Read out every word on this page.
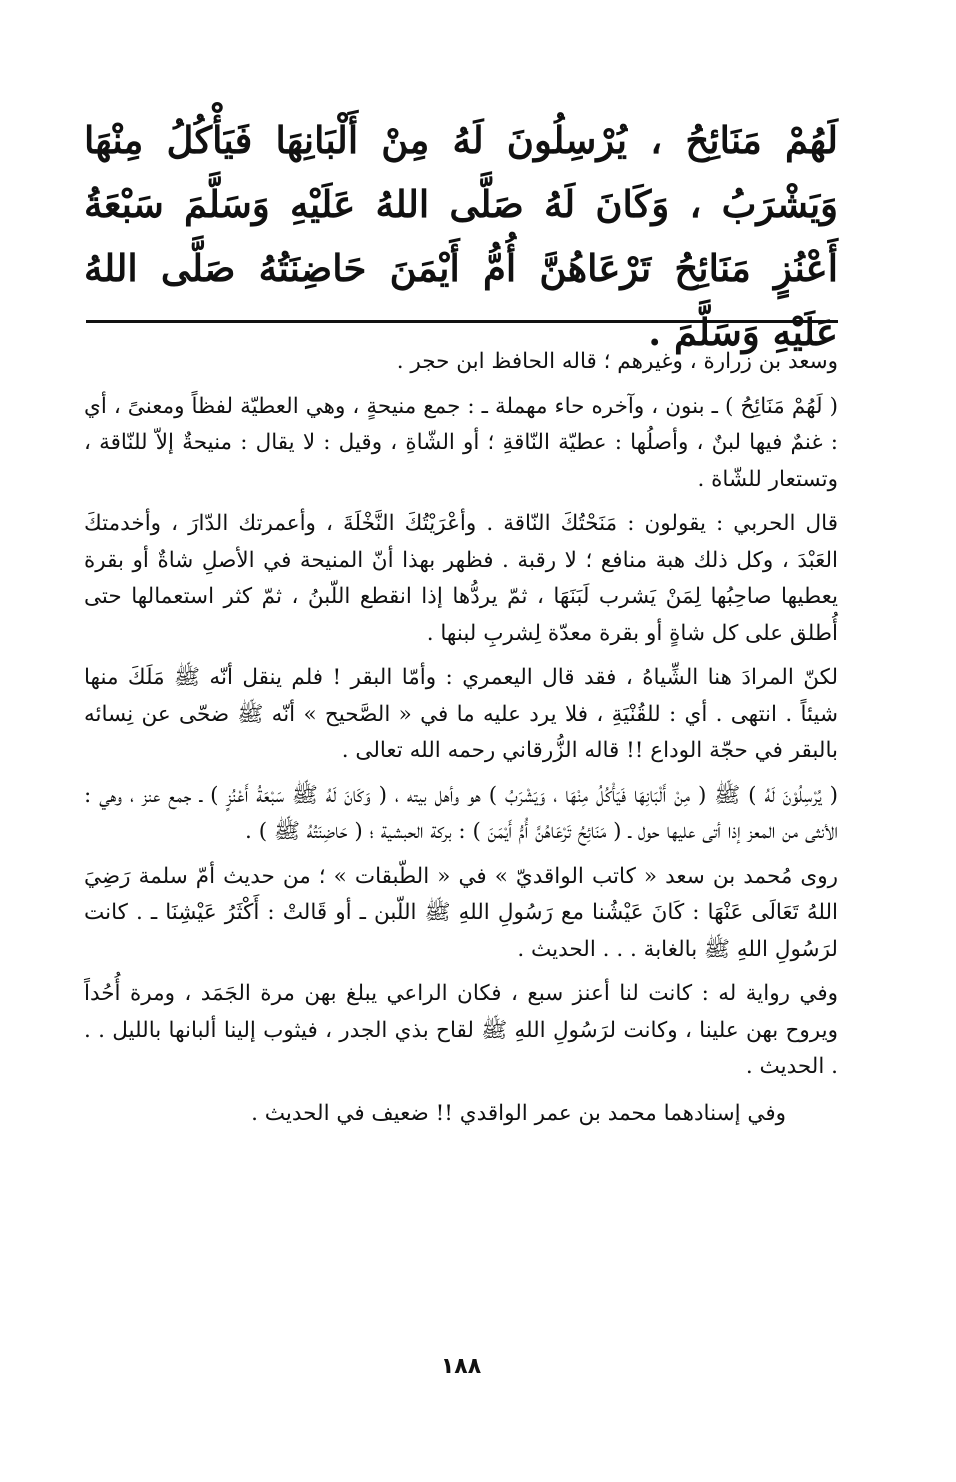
لَهُمْ مَنَائِحُ ، يُرْسِلُونَ لَهُ مِنْ أَلْبَانِهَا فَيَأْكُلُ مِنْهَا وَيَشْرَبُ ، وَكَانَ لَهُ صَلَّى اللهُ عَلَيْهِ وَسَلَّمَ سَبْعَةُ أَعْنُزٍ مَنَائِحُ تَرْعَاهُنَّ أُمُّ أَيْمَنَ حَاضِنَتُهُ صَلَّى اللهُ عَلَيْهِ وَسَلَّمَ .

وسعد بن زرارة ، وغيرهم ؛ قاله الحافظ ابن حجر .

( لَهُمْ مَنَائِحُ ) ـ بنون ، وآخره حاء مهملة ـ : جمع منيحةٍ ، وهي العطيّة لفظاً ومعنىً ، أي : غنمٌ فيها لبنٌ ، وأصلُها : عطيّة النّاقةِ ؛ أو الشّاةِ ، وقيل : لا يقال : منيحةٌ إلاّ للنّاقة ، وتستعار للشّاة .

قال الحربي : يقولون : مَنَحْتُكَ النّاقة . وأعْرَيْتُكَ النَّخْلَةَ ، وأعمرتك الدّارَ ، وأخدمتكَ العَبْدَ ، وكل ذلك هبة منافع ؛ لا رقبة . فظهر بهذا أنّ المنيحة في الأصلِ شاةٌ أو بقرة يعطيها صاحِبُها لِمَنْ يَشرب لَبَنَهَا ، ثمّ يردُّها إذا انقطع اللّبنُ ، ثمّ كثر استعمالها حتى أُطلق على كل شاةٍ أو بقرة معدّة لِشربِ لبنها .

لكنّ المرادَ هنا الشِّياهُ ، فقد قال اليعمري : وأمّا البقر ! فلم ينقل أنّه ﷺ مَلَكَ منها شيئاً . انتهى . أي : للقُنْيَةِ ، فلا يرد عليه ما في « الصَّحيح » أنّه ﷺ ضحّى عن نِسائه بالبقر في حجّة الوداع !! قاله الزُّرقاني رحمه الله تعالى .

( يُرْسِلُوْنَ لَهُ ) ﷺ ( مِنْ أَلْبَانِهَا فَيَأْكُلُ مِنْهَا ، وَيَشْرَبُ ) هو وأهل بيته ، ( وَكَانَ لَهُ ﷺ سَبْعَةُ أَعْنُزٍ ) ـ جمع عنز ، وهي : الأنثى من المعز إذا أتى عليها حول ـ ( مَنَائِحُ تَرْعَاهُنَّ أُمُّ أَيْمَنَ ) : بركة الحبشية ؛ ( حَاضِنَتُهُ ﷺ ) .

روى مُحمد بن سعد « كاتب الواقديّ » في « الطّبقات » ؛ من حديث أمّ سلمة رَضِيَ اللهُ تَعَالَى عَنْهَا : كَانَ عَيْشُنا مع رَسُولِ اللهِ ﷺ اللّبن ـ أو قَالتْ : أَكْثَرُ عَيْشِنَا ـ . كانت لرَسُولِ اللهِ ﷺ بالغابة . . . الحديث .

وفي رواية له : كانت لنا أعنز سبع ، فكان الراعي يبلغ بهن مرة الجَمَد ، ومرة أُحُداً ويروح بهن علينا ، وكانت لرَسُولِ اللهِ ﷺ لقاح بذي الجدر ، فيثوب إلينا ألبانها بالليل . . . الحديث .

وفي إسنادهما محمد بن عمر الواقدي !! ضعيف في الحديث .

١٨٨
